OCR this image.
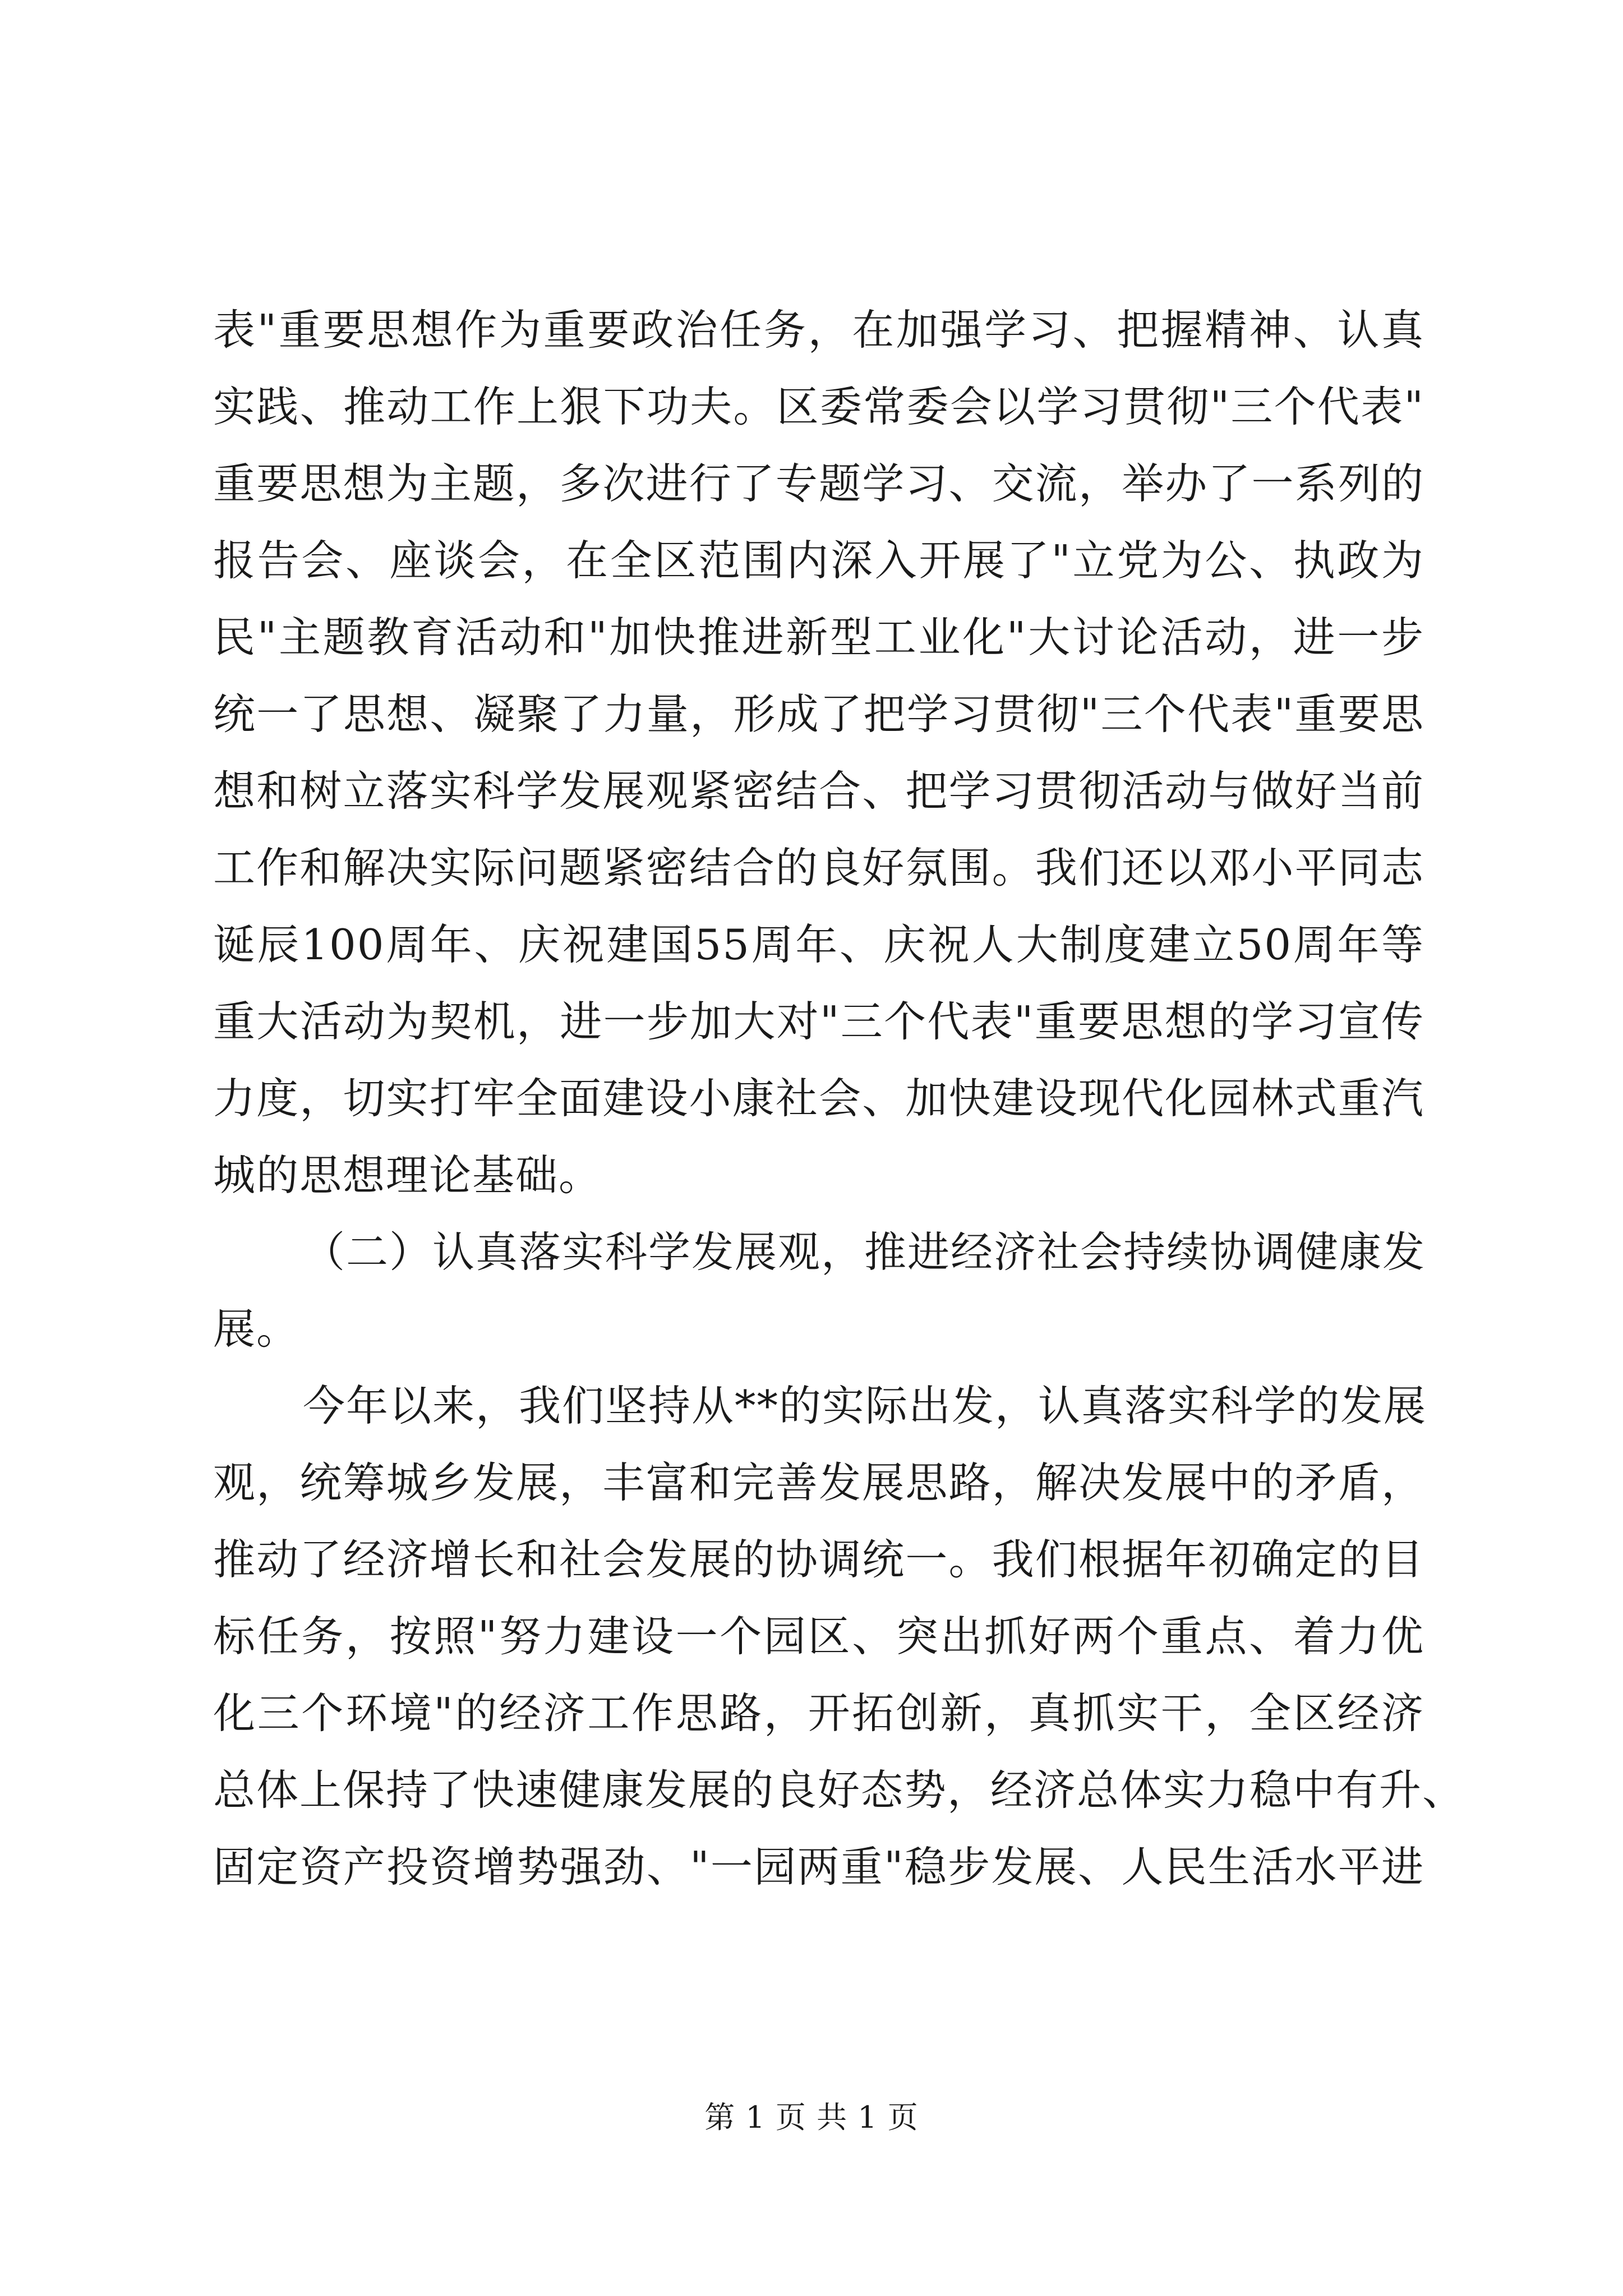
表"重要思想作为重要政治任务，在加强学习、把握精神、认真
实践、推动工作上狠下功夫。区委常委会以学习贯彻"三个代表"
重要思想为主题，多次进行了专题学习、交流，举办了一系列的
报告会、座谈会，在全区范围内深入开展了"立党为公、执政为
民"主题教育活动和"加快推进新型工业化"大讨论活动，进一步
统一了思想、凝聚了力量，形成了把学习贯彻"三个代表"重要思
想和树立落实科学发展观紧密结合、把学习贯彻活动与做好当前
工作和解决实际问题紧密结合的良好氛围。我们还以邓小平同志
诞辰100周年、庆祝建国55周年、庆祝人大制度建立50周年等
重大活动为契机，进一步加大对"三个代表"重要思想的学习宣传
力度，切实打牢全面建设小康社会、加快建设现代化园林式重汽
城的思想理论基础。
（二）认真落实科学发展观，推进经济社会持续协调健康发
展。
今年以来，我们坚持从**的实际出发，认真落实科学的发展
观，统筹城乡发展，丰富和完善发展思路，解决发展中的矛盾，
推动了经济增长和社会发展的协调统一。我们根据年初确定的目
标任务，按照"努力建设一个园区、突出抓好两个重点、着力优
化三个环境"的经济工作思路，开拓创新，真抓实干，全区经济
总体上保持了快速健康发展的良好态势，经济总体实力稳中有升、
固定资产投资增势强劲、"一园两重"稳步发展、人民生活水平进
第 1 页 共 1 页
